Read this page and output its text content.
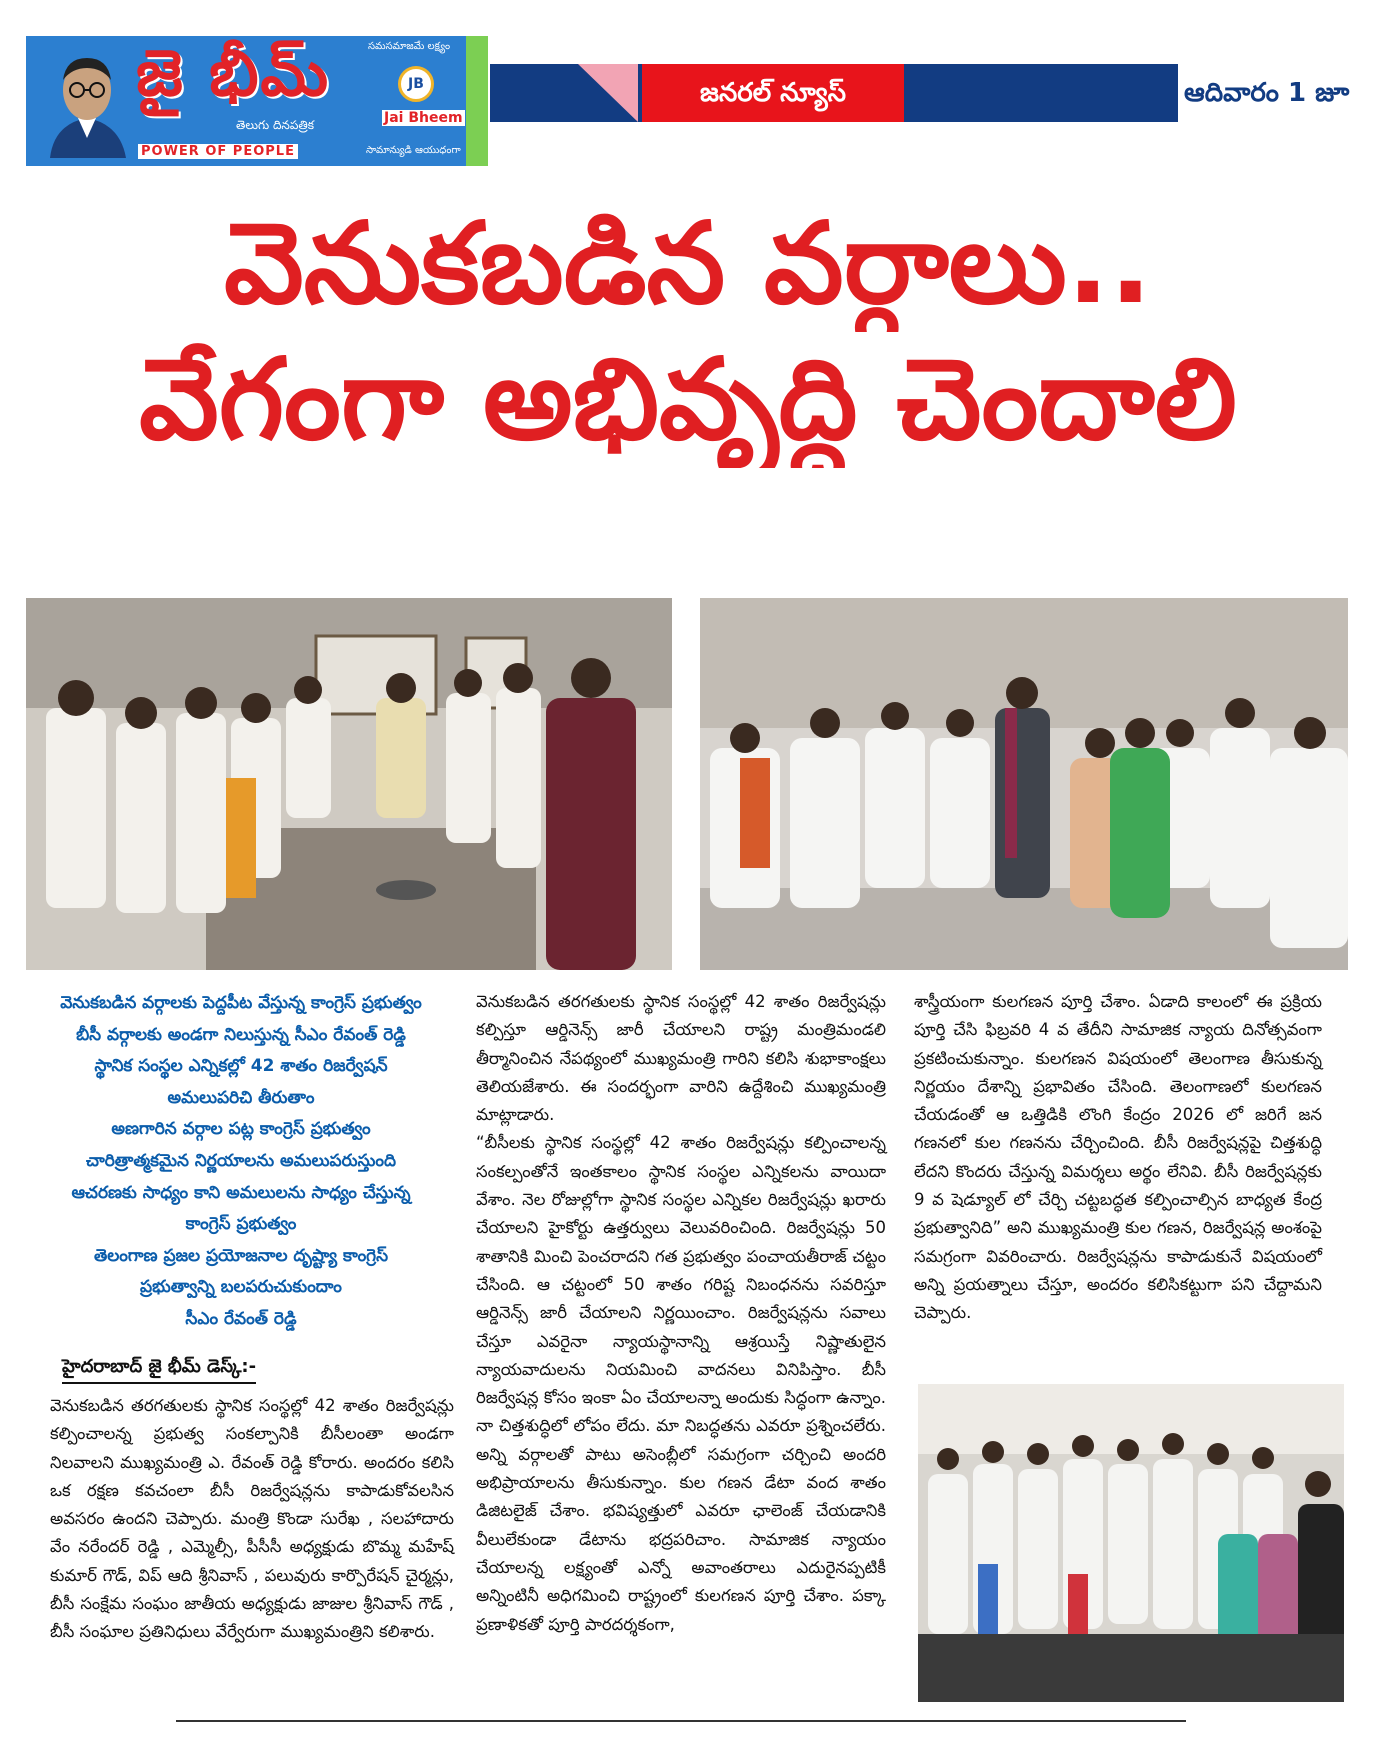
జై భీమ్
తెలుగు దినపత్రిక
POWER OF PEOPLE
సమసమాజమే లక్ష్యం
JB
Jai Bheem
సామాన్యుడి ఆయుధంగా
జనరల్ న్యూస్	ఆదివారం 1 జూ
వెనుకబడిన వర్గాలు..
వేగంగా అభివృద్ధి చెందాలి

వెనుకబడిన వర్గాలకు పెద్దపీట వేస్తున్న కాంగ్రెస్ ప్రభుత్వం

బీసీ వర్గాలకు అండగా నిలుస్తున్న సీఎం రేవంత్ రెడ్డి

స్థానిక సంస్థల ఎన్నికల్లో 42 శాతం రిజర్వేషన్

అమలుపరిచి తీరుతాం

అణగారిన వర్గాల పట్ల కాంగ్రెస్ ప్రభుత్వం

చారిత్రాత్మకమైన నిర్ణయాలను అమలుపరుస్తుంది

ఆచరణకు సాధ్యం కాని అమలులను సాధ్యం చేస్తున్న

కాంగ్రెస్ ప్రభుత్వం

తెలంగాణ ప్రజల ప్రయోజనాల దృష్ట్యా కాంగ్రెస్

ప్రభుత్వాన్ని బలపరుచుకుందాం

సీఎం రేవంత్ రెడ్డి

హైదరాబాద్ జై భీమ్ డెస్క్:-

వెనుకబడిన తరగతులకు స్థానిక సంస్థల్లో 42 శాతం రిజర్వేషన్లు కల్పించాలన్న ప్రభుత్వ సంకల్పానికి బీసీలంతా అండగా నిలవాలని ముఖ్యమంత్రి ఎ. రేవంత్ రెడ్డి కోరారు. అందరం కలిసి ఒక రక్షణ కవచంలా బీసీ రిజర్వేషన్లను కాపాడుకోవలసిన అవసరం ఉందని చెప్పారు. మంత్రి కొండా సురేఖ , సలహాదారు వేం నరేందర్ రెడ్డి , ఎమ్మెల్సీ, పీసీసీ అధ్యక్షుడు బొమ్మ మహేష్ కుమార్ గౌడ్, విప్ ఆది శ్రీనివాస్ , పలువురు కార్పొరేషన్ చైర్మన్లు, బీసీ సంక్షేమ సంఘం జాతీయ అధ్యక్షుడు జాజుల శ్రీనివాస్ గౌడ్ , బీసీ సంఘాల ప్రతినిధులు వేర్వేరుగా ముఖ్యమంత్రిని కలిశారు.

వెనుకబడిన తరగతులకు స్థానిక సంస్థల్లో 42 శాతం రిజర్వేషన్లు కల్పిస్తూ ఆర్డినెన్స్ జారీ చేయాలని రాష్ట్ర మంత్రిమండలి తీర్మానించిన నేపథ్యంలో ముఖ్యమంత్రి గారిని కలిసి శుభాకాంక్షలు తెలియజేశారు. ఈ సందర్భంగా వారిని ఉద్దేశించి ముఖ్యమంత్రి మాట్లాడారు.

“బీసీలకు స్థానిక సంస్థల్లో 42 శాతం రిజర్వేషన్లు కల్పించాలన్న సంకల్పంతోనే ఇంతకాలం స్థానిక సంస్థల ఎన్నికలను వాయిదా వేశాం. నెల రోజుల్లోగా స్థానిక సంస్థల ఎన్నికల రిజర్వేషన్లు ఖరారు చేయాలని హైకోర్టు ఉత్తర్వులు వెలువరించింది. రిజర్వేషన్లు 50 శాతానికి మించి పెంచరాదని గత ప్రభుత్వం పంచాయతీరాజ్ చట్టం చేసింది. ఆ చట్టంలో 50 శాతం గరిష్ట నిబంధనను సవరిస్తూ ఆర్డినెన్స్ జారీ చేయాలని నిర్ణయించాం. రిజర్వేషన్లను సవాలు చేస్తూ ఎవరైనా న్యాయస్థానాన్ని ఆశ్రయిస్తే నిష్ణాతులైన న్యాయవాదులను నియమించి వాదనలు వినిపిస్తాం. బీసీ రిజర్వేషన్ల కోసం ఇంకా ఏం చేయాలన్నా అందుకు సిద్ధంగా ఉన్నాం. నా చిత్తశుద్ధిలో లోపం లేదు. మా నిబద్ధతను ఎవరూ ప్రశ్నించలేరు. అన్ని వర్గాలతో పాటు అసెంబ్లీలో సమగ్రంగా చర్చించి అందరి అభిప్రాయాలను తీసుకున్నాం. కుల గణన డేటా వంద శాతం డిజిటలైజ్ చేశాం. భవిష్యత్తులో ఎవరూ ఛాలెంజ్ చేయడానికి వీలులేకుండా డేటాను భద్రపరిచాం. సామాజిక న్యాయం చేయాలన్న లక్ష్యంతో ఎన్నో అవాంతరాలు ఎదురైనప్పటికీ అన్నింటినీ అధిగమించి రాష్ట్రంలో కులగణన పూర్తి చేశాం. పక్కా ప్రణాళికతో పూర్తి పారదర్శకంగా,

శాస్త్రీయంగా కులగణన పూర్తి చేశాం. ఏడాది కాలంలో ఈ ప్రక్రియ పూర్తి చేసి ఫిబ్రవరి 4 వ తేదీని సామాజిక న్యాయ దినోత్సవంగా ప్రకటించుకున్నాం. కులగణన విషయంలో తెలంగాణ తీసుకున్న నిర్ణయం దేశాన్ని ప్రభావితం చేసింది. తెలంగాణలో కులగణన చేయడంతో ఆ ఒత్తిడికి లొంగి కేంద్రం 2026 లో జరిగే జన గణనలో కుల గణనను చేర్చించింది. బీసీ రిజర్వేషన్లపై చిత్తశుద్ధి లేదని కొందరు చేస్తున్న విమర్శలు అర్థం లేనివి. బీసీ రిజర్వేషన్లకు 9 వ షెడ్యూల్ లో చేర్చి చట్టబద్ధత కల్పించాల్సిన బాధ్యత కేంద్ర ప్రభుత్వానిది” అని ముఖ్యమంత్రి కుల గణన, రిజర్వేషన్ల అంశంపై సమగ్రంగా వివరించారు. రిజర్వేషన్లను కాపాడుకునే విషయంలో అన్ని ప్రయత్నాలు చేస్తూ, అందరం కలిసికట్టుగా పని చేద్దామని చెప్పారు.
